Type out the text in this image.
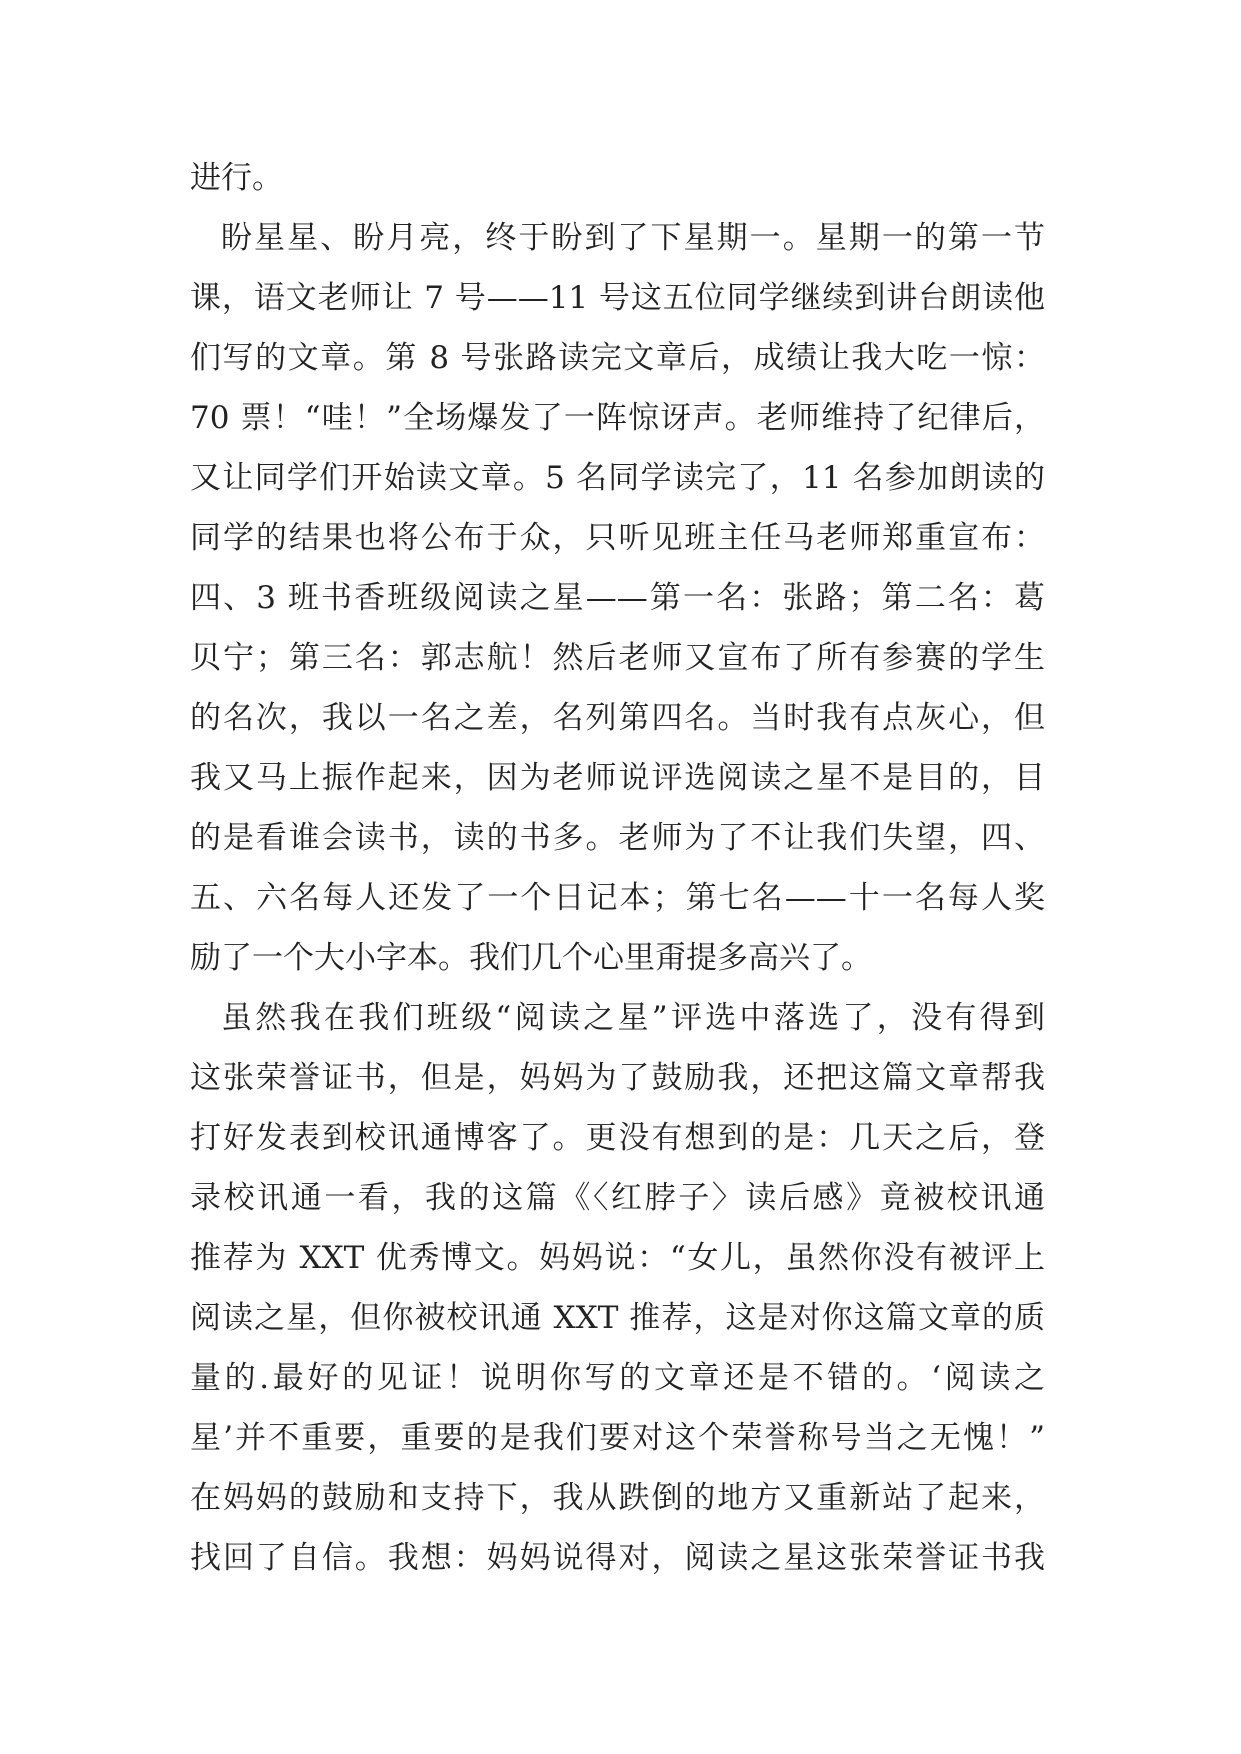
进行。
盼星星、盼月亮，终于盼到了下星期一。星期一的第一节
课，语文老师让 7 号——11 号这五位同学继续到讲台朗读他
们写的文章。第 8 号张路读完文章后，成绩让我大吃一惊：
70 票！“哇！”全场爆发了一阵惊讶声。老师维持了纪律后，
又让同学们开始读文章。5 名同学读完了，11 名参加朗读的
同学的结果也将公布于众，只听见班主任马老师郑重宣布：
四、3 班书香班级阅读之星——第一名：张路；第二名：葛
贝宁；第三名：郭志航！然后老师又宣布了所有参赛的学生
的名次，我以一名之差，名列第四名。当时我有点灰心，但
我又马上振作起来，因为老师说评选阅读之星不是目的，目
的是看谁会读书，读的书多。老师为了不让我们失望，四、
五、六名每人还发了一个日记本；第七名——十一名每人奖
励了一个大小字本。我们几个心里甭提多高兴了。
虽然我在我们班级“阅读之星”评选中落选了，没有得到
这张荣誉证书，但是，妈妈为了鼓励我，还把这篇文章帮我
打好发表到校讯通博客了。更没有想到的是：几天之后，登
录校讯通一看，我的这篇《〈红脖子〉读后感》竟被校讯通
推荐为 XXT 优秀博文。妈妈说：“女儿，虽然你没有被评上
阅读之星，但你被校讯通 XXT 推荐，这是对你这篇文章的质
量的.最好的见证！说明你写的文章还是不错的。‘阅读之
星’并不重要，重要的是我们要对这个荣誉称号当之无愧！”
在妈妈的鼓励和支持下，我从跌倒的地方又重新站了起来，
找回了自信。我想：妈妈说得对，阅读之星这张荣誉证书我
